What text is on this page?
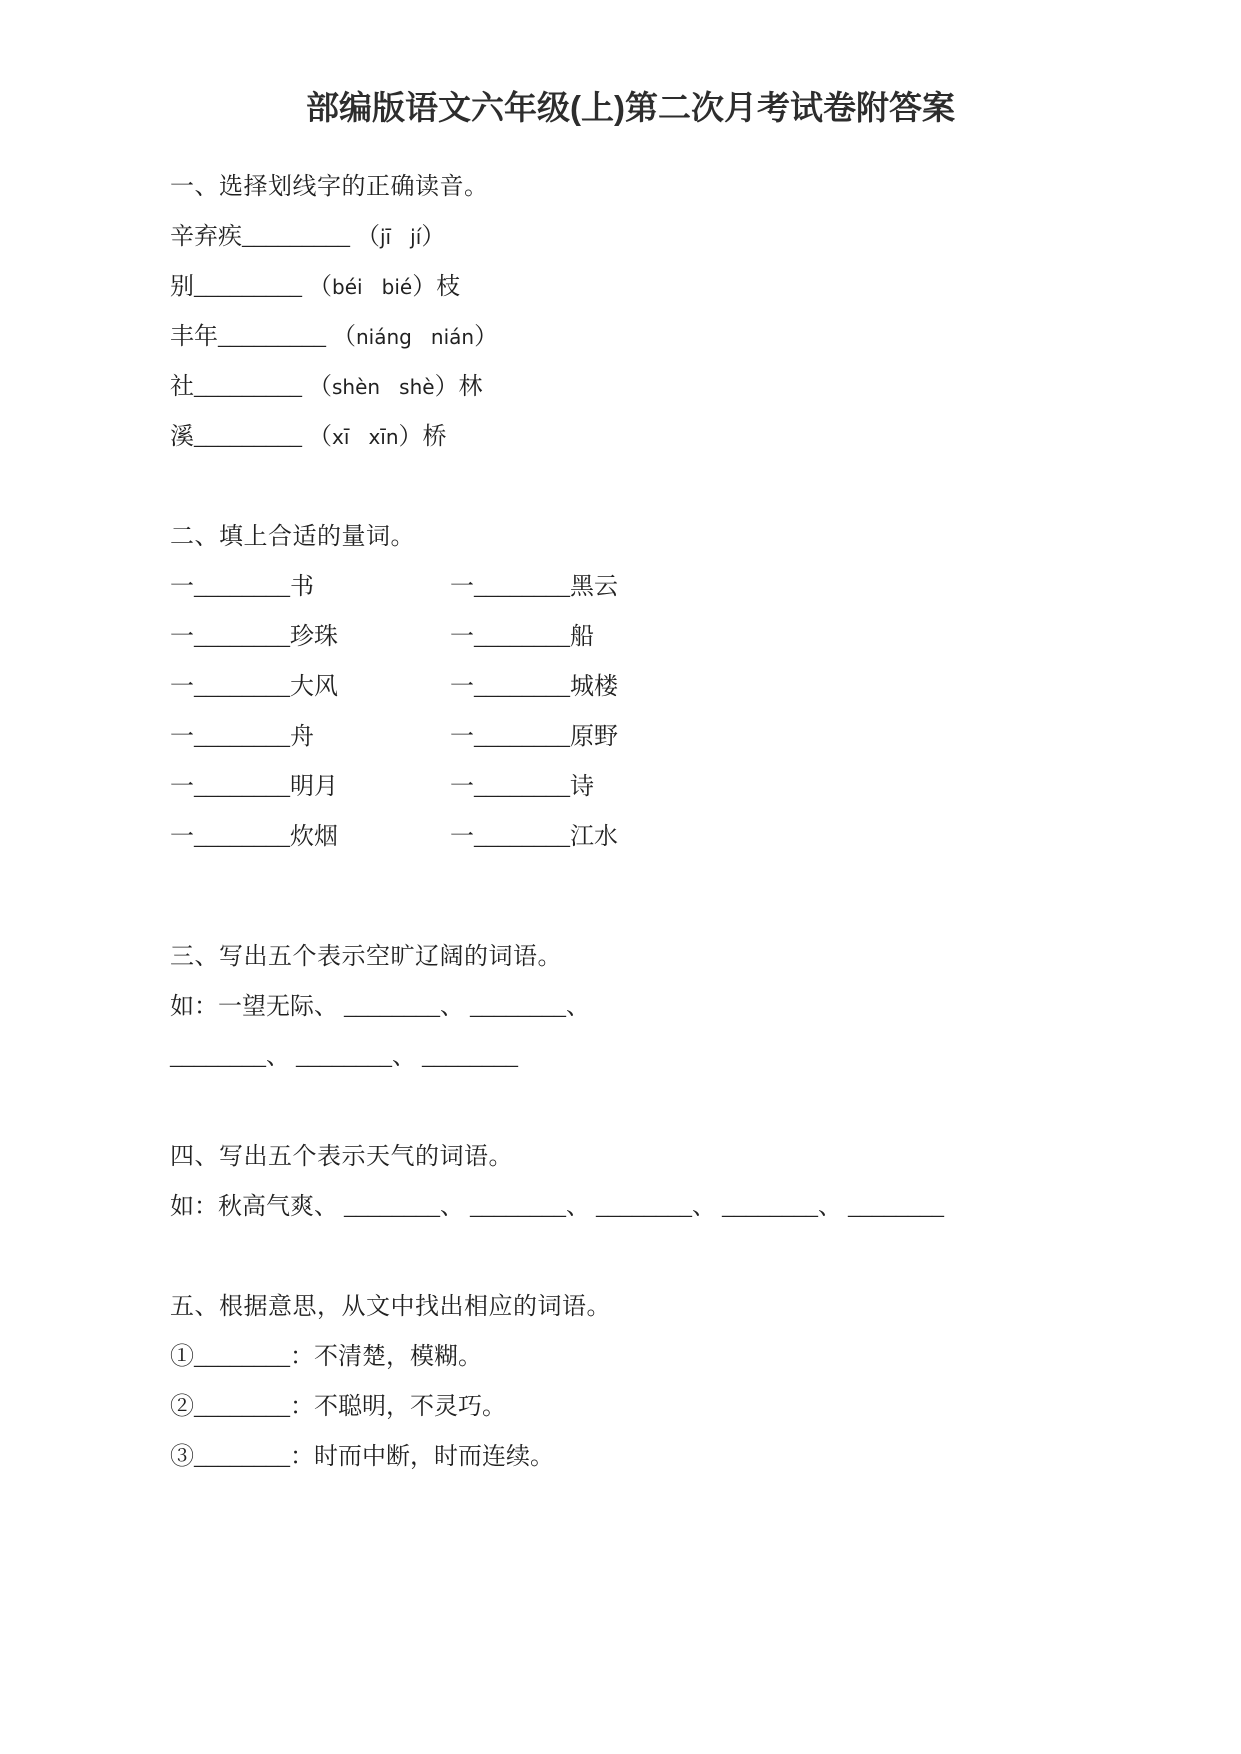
部编版语文六年级(上)第二次月考试卷附答案

一、选择划线字的正确读音。

辛弃疾_________ （jī   jí）

别_________ （béi   bié）枝

丰年_________ （niáng   nián）

社_________ （shèn   shè）林

溪_________ （xī   xīn）桥

二、填上合适的量词。

一________书	一________黑云

一________珍珠	一________船

一________大风	一________城楼

一________舟	一________原野

一________明月	一________诗

一________炊烟	一________江水

三、写出五个表示空旷辽阔的词语。

如：一望无际、 ________、 ________、

________、 ________、 ________

四、写出五个表示天气的词语。

如：秋高气爽、 ________、 ________、 ________、 ________、 ________

五、根据意思，从文中找出相应的词语。

①________：不清楚，模糊。

②________：不聪明，不灵巧。

③________：时而中断，时而连续。
